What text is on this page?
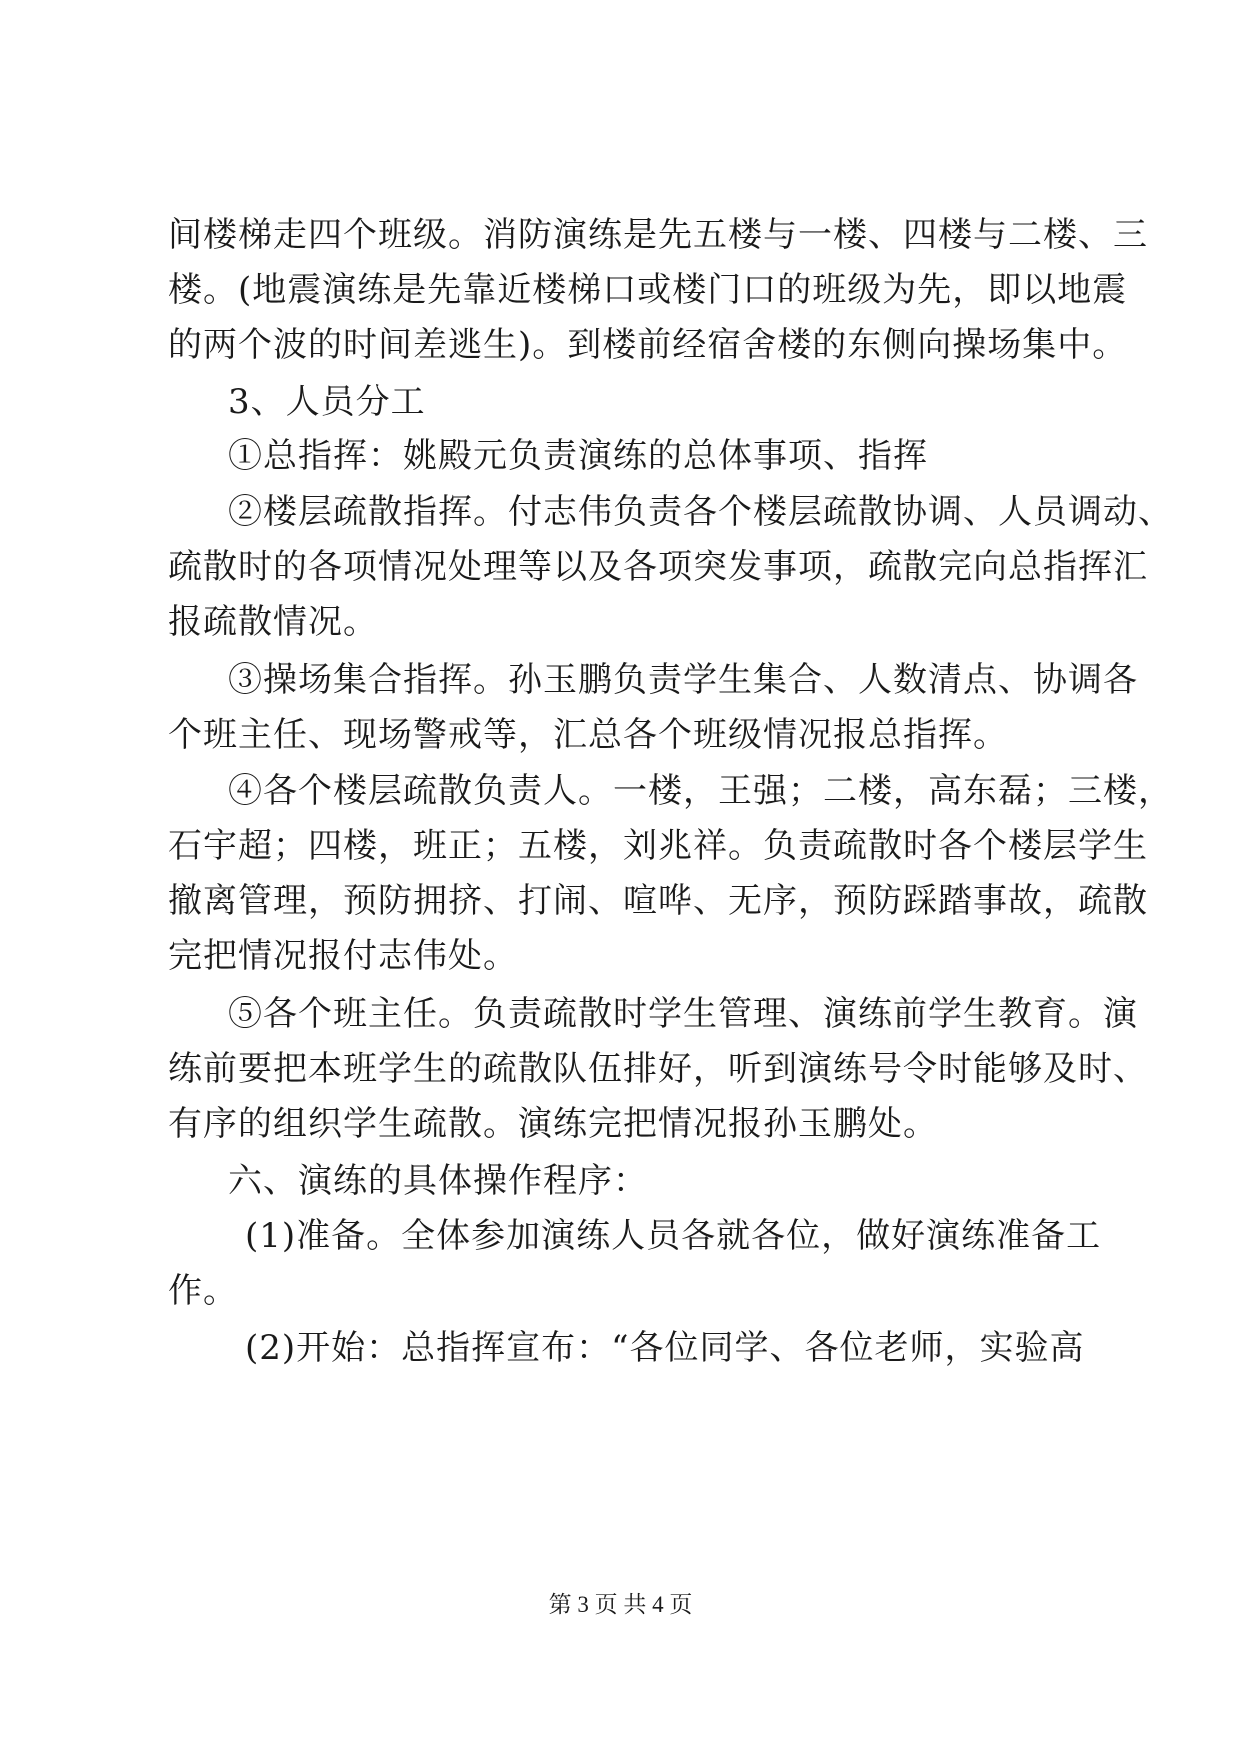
间楼梯走四个班级。消防演练是先五楼与一楼、四楼与二楼、三
楼。(地震演练是先靠近楼梯口或楼门口的班级为先，即以地震
的两个波的时间差逃生)。到楼前经宿舍楼的东侧向操场集中。
3、人员分工
①总指挥：姚殿元负责演练的总体事项、指挥
②楼层疏散指挥。付志伟负责各个楼层疏散协调、人员调动、
疏散时的各项情况处理等以及各项突发事项，疏散完向总指挥汇
报疏散情况。
③操场集合指挥。孙玉鹏负责学生集合、人数清点、协调各
个班主任、现场警戒等，汇总各个班级情况报总指挥。
④各个楼层疏散负责人。一楼，王强；二楼，高东磊；三楼，
石宇超；四楼，班正；五楼，刘兆祥。负责疏散时各个楼层学生
撤离管理，预防拥挤、打闹、喧哗、无序，预防踩踏事故，疏散
完把情况报付志伟处。
⑤各个班主任。负责疏散时学生管理、演练前学生教育。演
练前要把本班学生的疏散队伍排好，听到演练号令时能够及时、
有序的组织学生疏散。演练完把情况报孙玉鹏处。
六、演练的具体操作程序：
(1)准备。全体参加演练人员各就各位，做好演练准备工
作。
(2)开始：总指挥宣布：“各位同学、各位老师，实验高
第 3 页 共 4 页
